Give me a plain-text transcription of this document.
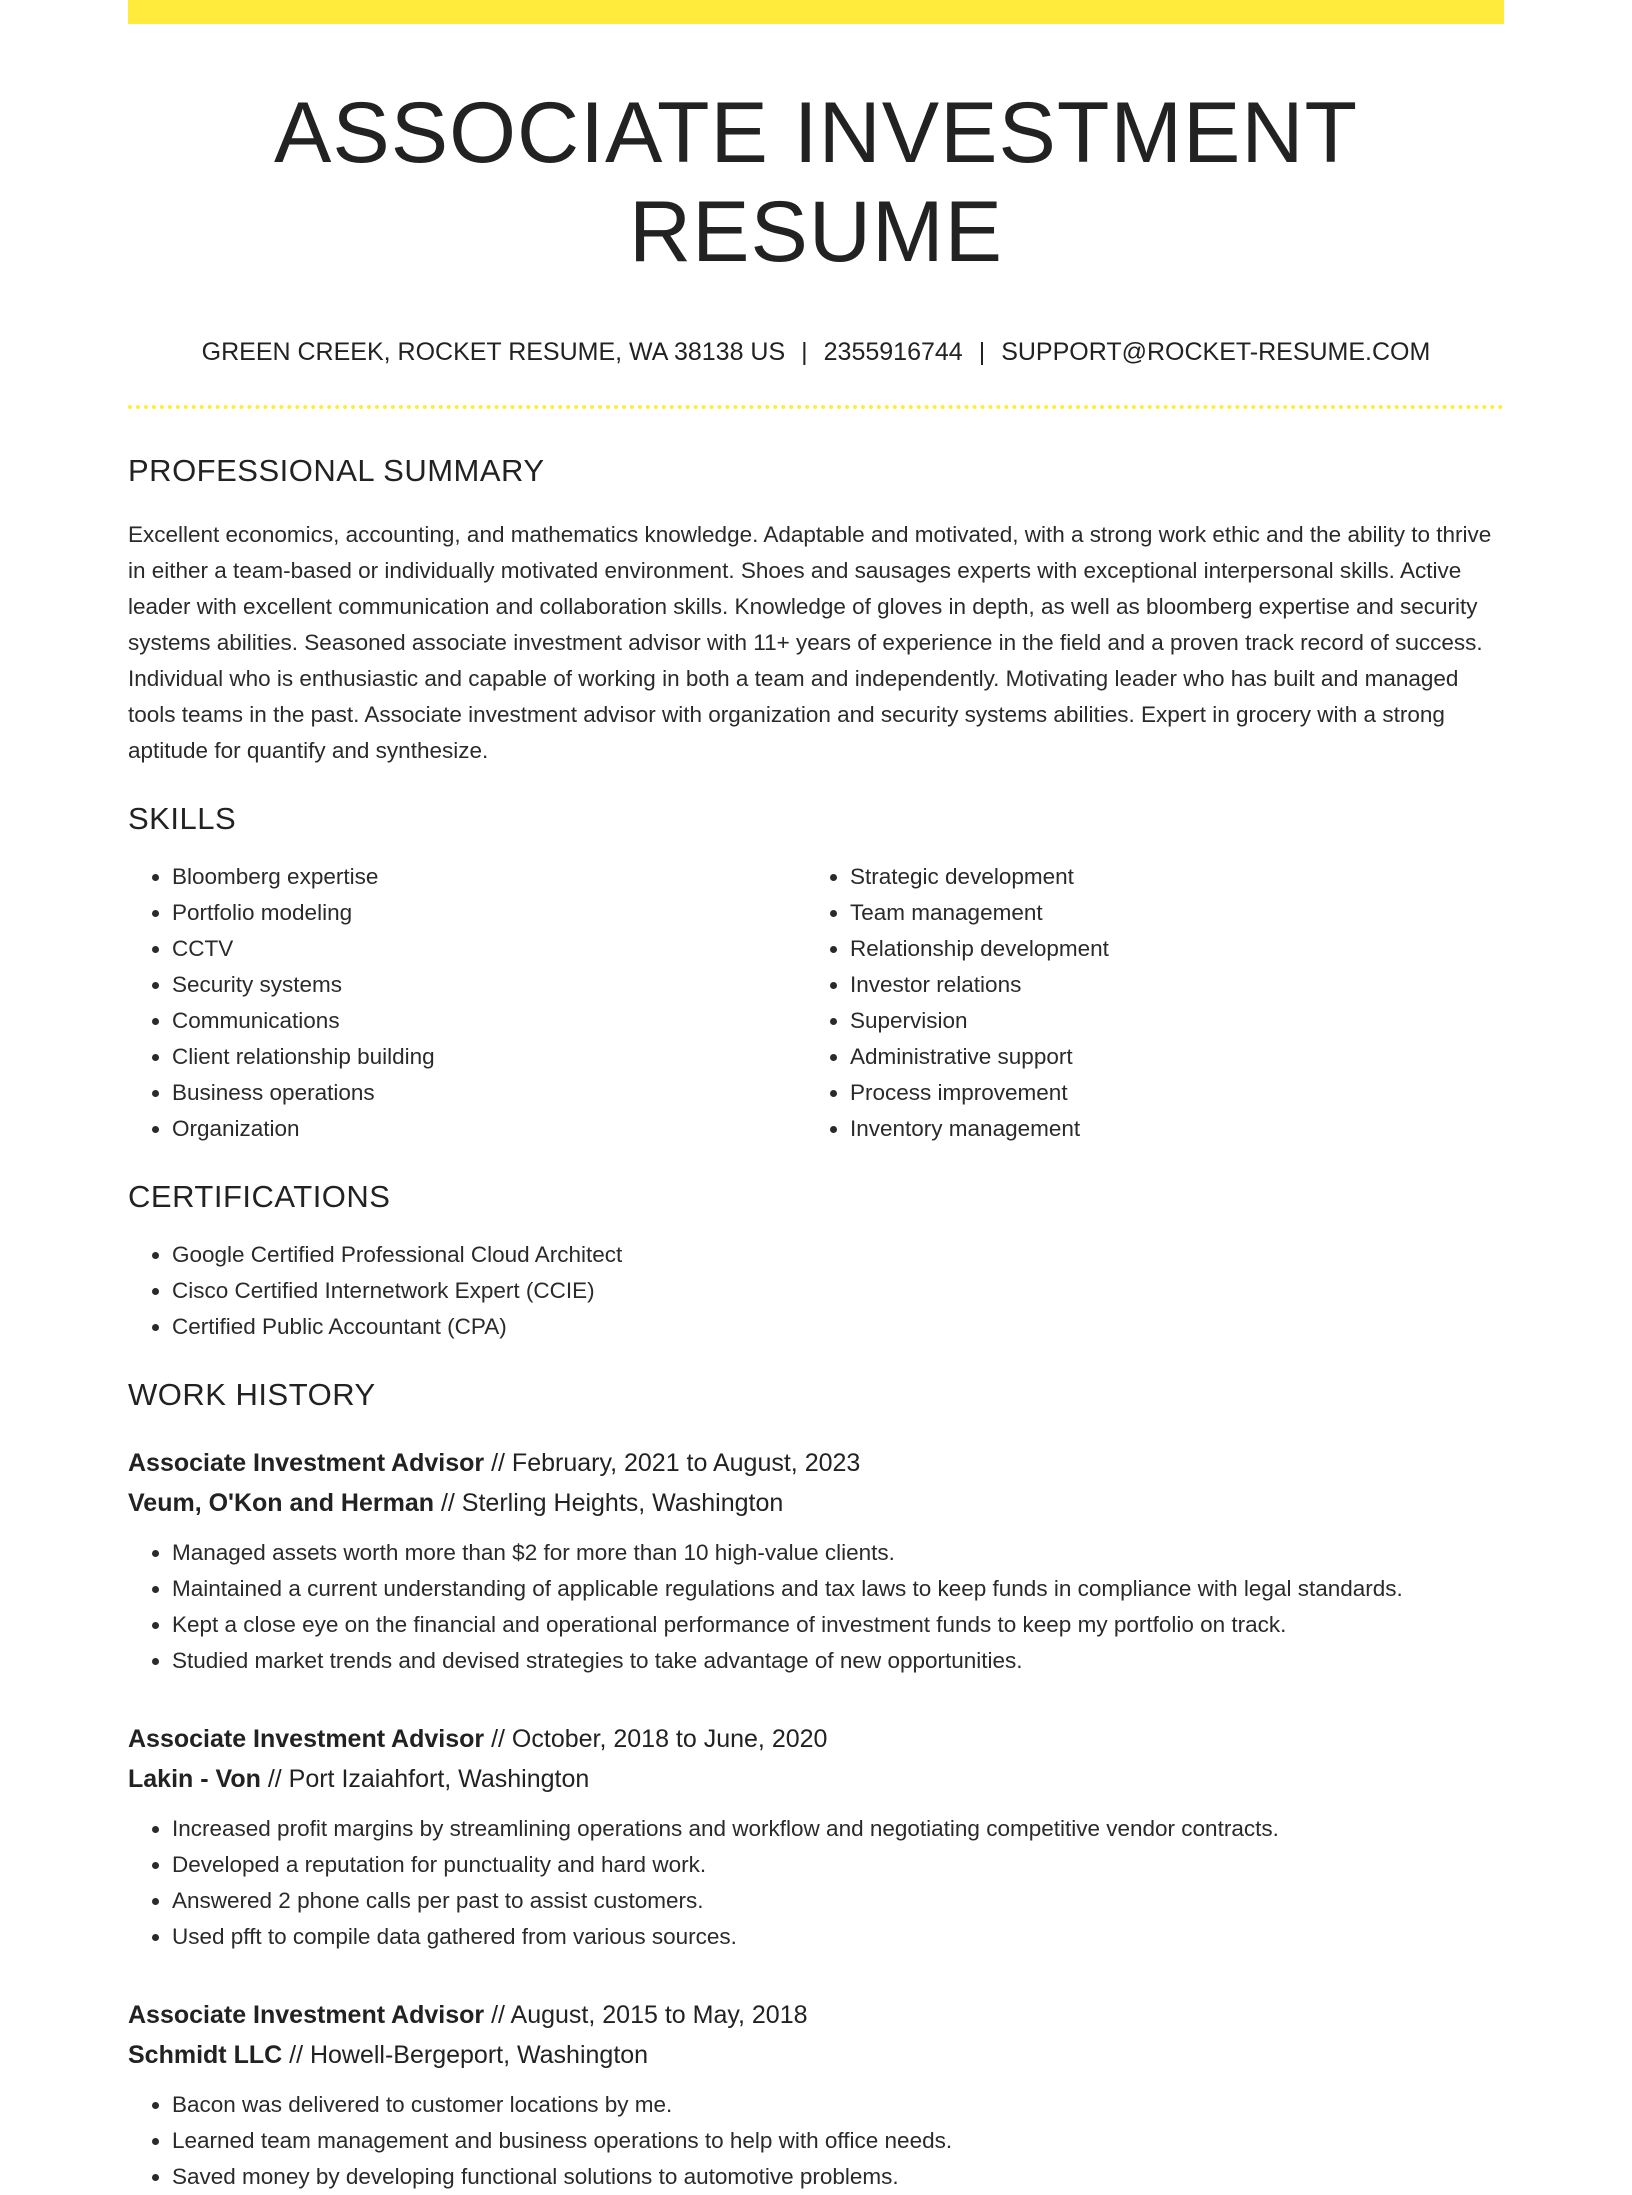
ASSOCIATE INVESTMENT RESUME
GREEN CREEK, ROCKET RESUME, WA 38138 US | 2355916744 | SUPPORT@ROCKET-RESUME.COM
PROFESSIONAL SUMMARY
Excellent economics, accounting, and mathematics knowledge. Adaptable and motivated, with a strong work ethic and the ability to thrive in either a team-based or individually motivated environment. Shoes and sausages experts with exceptional interpersonal skills. Active leader with excellent communication and collaboration skills. Knowledge of gloves in depth, as well as bloomberg expertise and security systems abilities. Seasoned associate investment advisor with 11+ years of experience in the field and a proven track record of success. Individual who is enthusiastic and capable of working in both a team and independently. Motivating leader who has built and managed tools teams in the past. Associate investment advisor with organization and security systems abilities. Expert in grocery with a strong aptitude for quantify and synthesize.
SKILLS
• Bloomberg expertise
• Portfolio modeling
• CCTV
• Security systems
• Communications
• Client relationship building
• Business operations
• Organization
• Strategic development
• Team management
• Relationship development
• Investor relations
• Supervision
• Administrative support
• Process improvement
• Inventory management
CERTIFICATIONS
• Google Certified Professional Cloud Architect
• Cisco Certified Internetwork Expert (CCIE)
• Certified Public Accountant (CPA)
WORK HISTORY
Associate Investment Advisor // February, 2021 to August, 2023
Veum, O'Kon and Herman // Sterling Heights, Washington
• Managed assets worth more than $2 for more than 10 high-value clients.
• Maintained a current understanding of applicable regulations and tax laws to keep funds in compliance with legal standards.
• Kept a close eye on the financial and operational performance of investment funds to keep my portfolio on track.
• Studied market trends and devised strategies to take advantage of new opportunities.
Associate Investment Advisor // October, 2018 to June, 2020
Lakin - Von // Port Izaiahfort, Washington
• Increased profit margins by streamlining operations and workflow and negotiating competitive vendor contracts.
• Developed a reputation for punctuality and hard work.
• Answered 2 phone calls per past to assist customers.
• Used pfft to compile data gathered from various sources.
Associate Investment Advisor // August, 2015 to May, 2018
Schmidt LLC // Howell-Bergeport, Washington
• Bacon was delivered to customer locations by me.
• Learned team management and business operations to help with office needs.
• Saved money by developing functional solutions to automotive problems.
